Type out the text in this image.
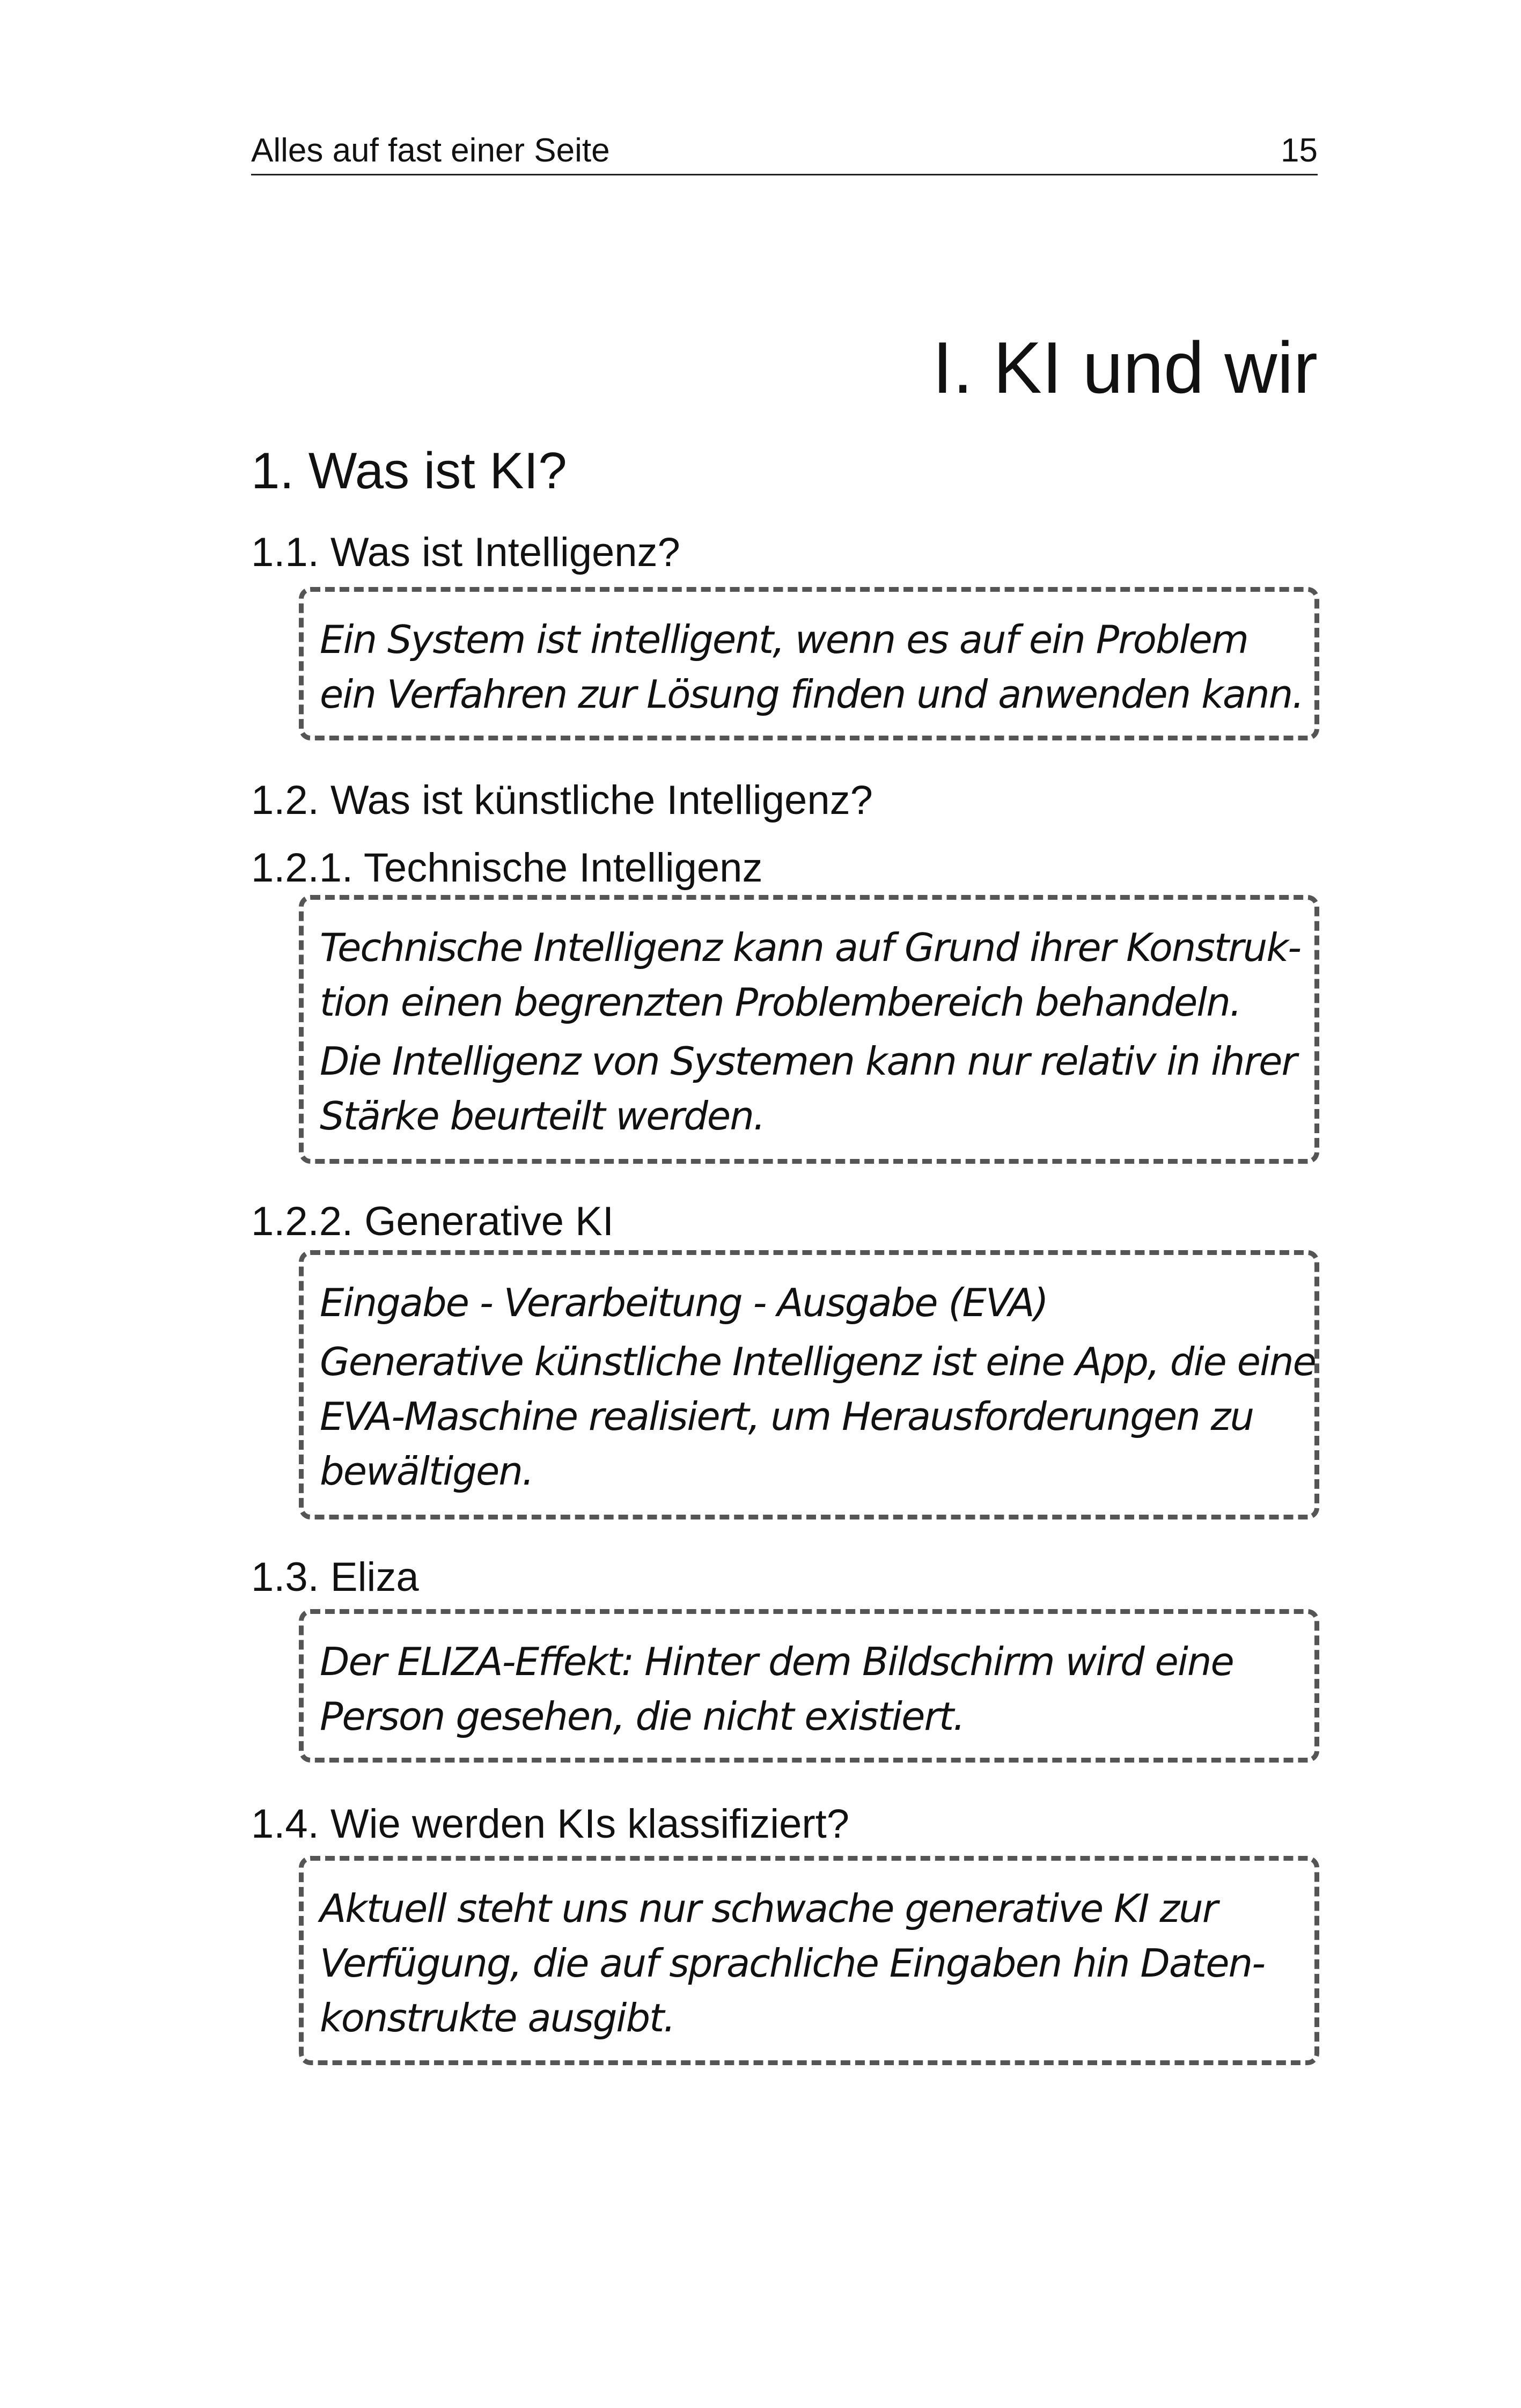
Alles auf fast einer Seite	15
I. KI und wir
1. Was ist KI?
1.1. Was ist Intelligenz?

Ein System ist intelligent, wenn es auf ein Problem
ein Verfahren zur Lösung finden und anwenden kann.

1.2. Was ist künstliche Intelligenz?
1.2.1. Technische Intelligenz

Technische Intelligenz kann auf Grund ihrer Konstruk-
tion einen begrenzten Problembereich behandeln.

Die Intelligenz von Systemen kann nur relativ in ihrer
Stärke beurteilt werden.

1.2.2. Generative KI

Eingabe - Verarbeitung - Ausgabe (EVA)

Generative künstliche Intelligenz ist eine App, die eine
EVA-Maschine realisiert, um Herausforderungen zu
bewältigen.

1.3. Eliza

Der ELIZA-Effekt: Hinter dem Bildschirm wird eine
Person gesehen, die nicht existiert.

1.4. Wie werden KIs klassifiziert?

Aktuell steht uns nur schwache generative KI zur
Verfügung, die auf sprachliche Eingaben hin Daten-
konstrukte ausgibt.
